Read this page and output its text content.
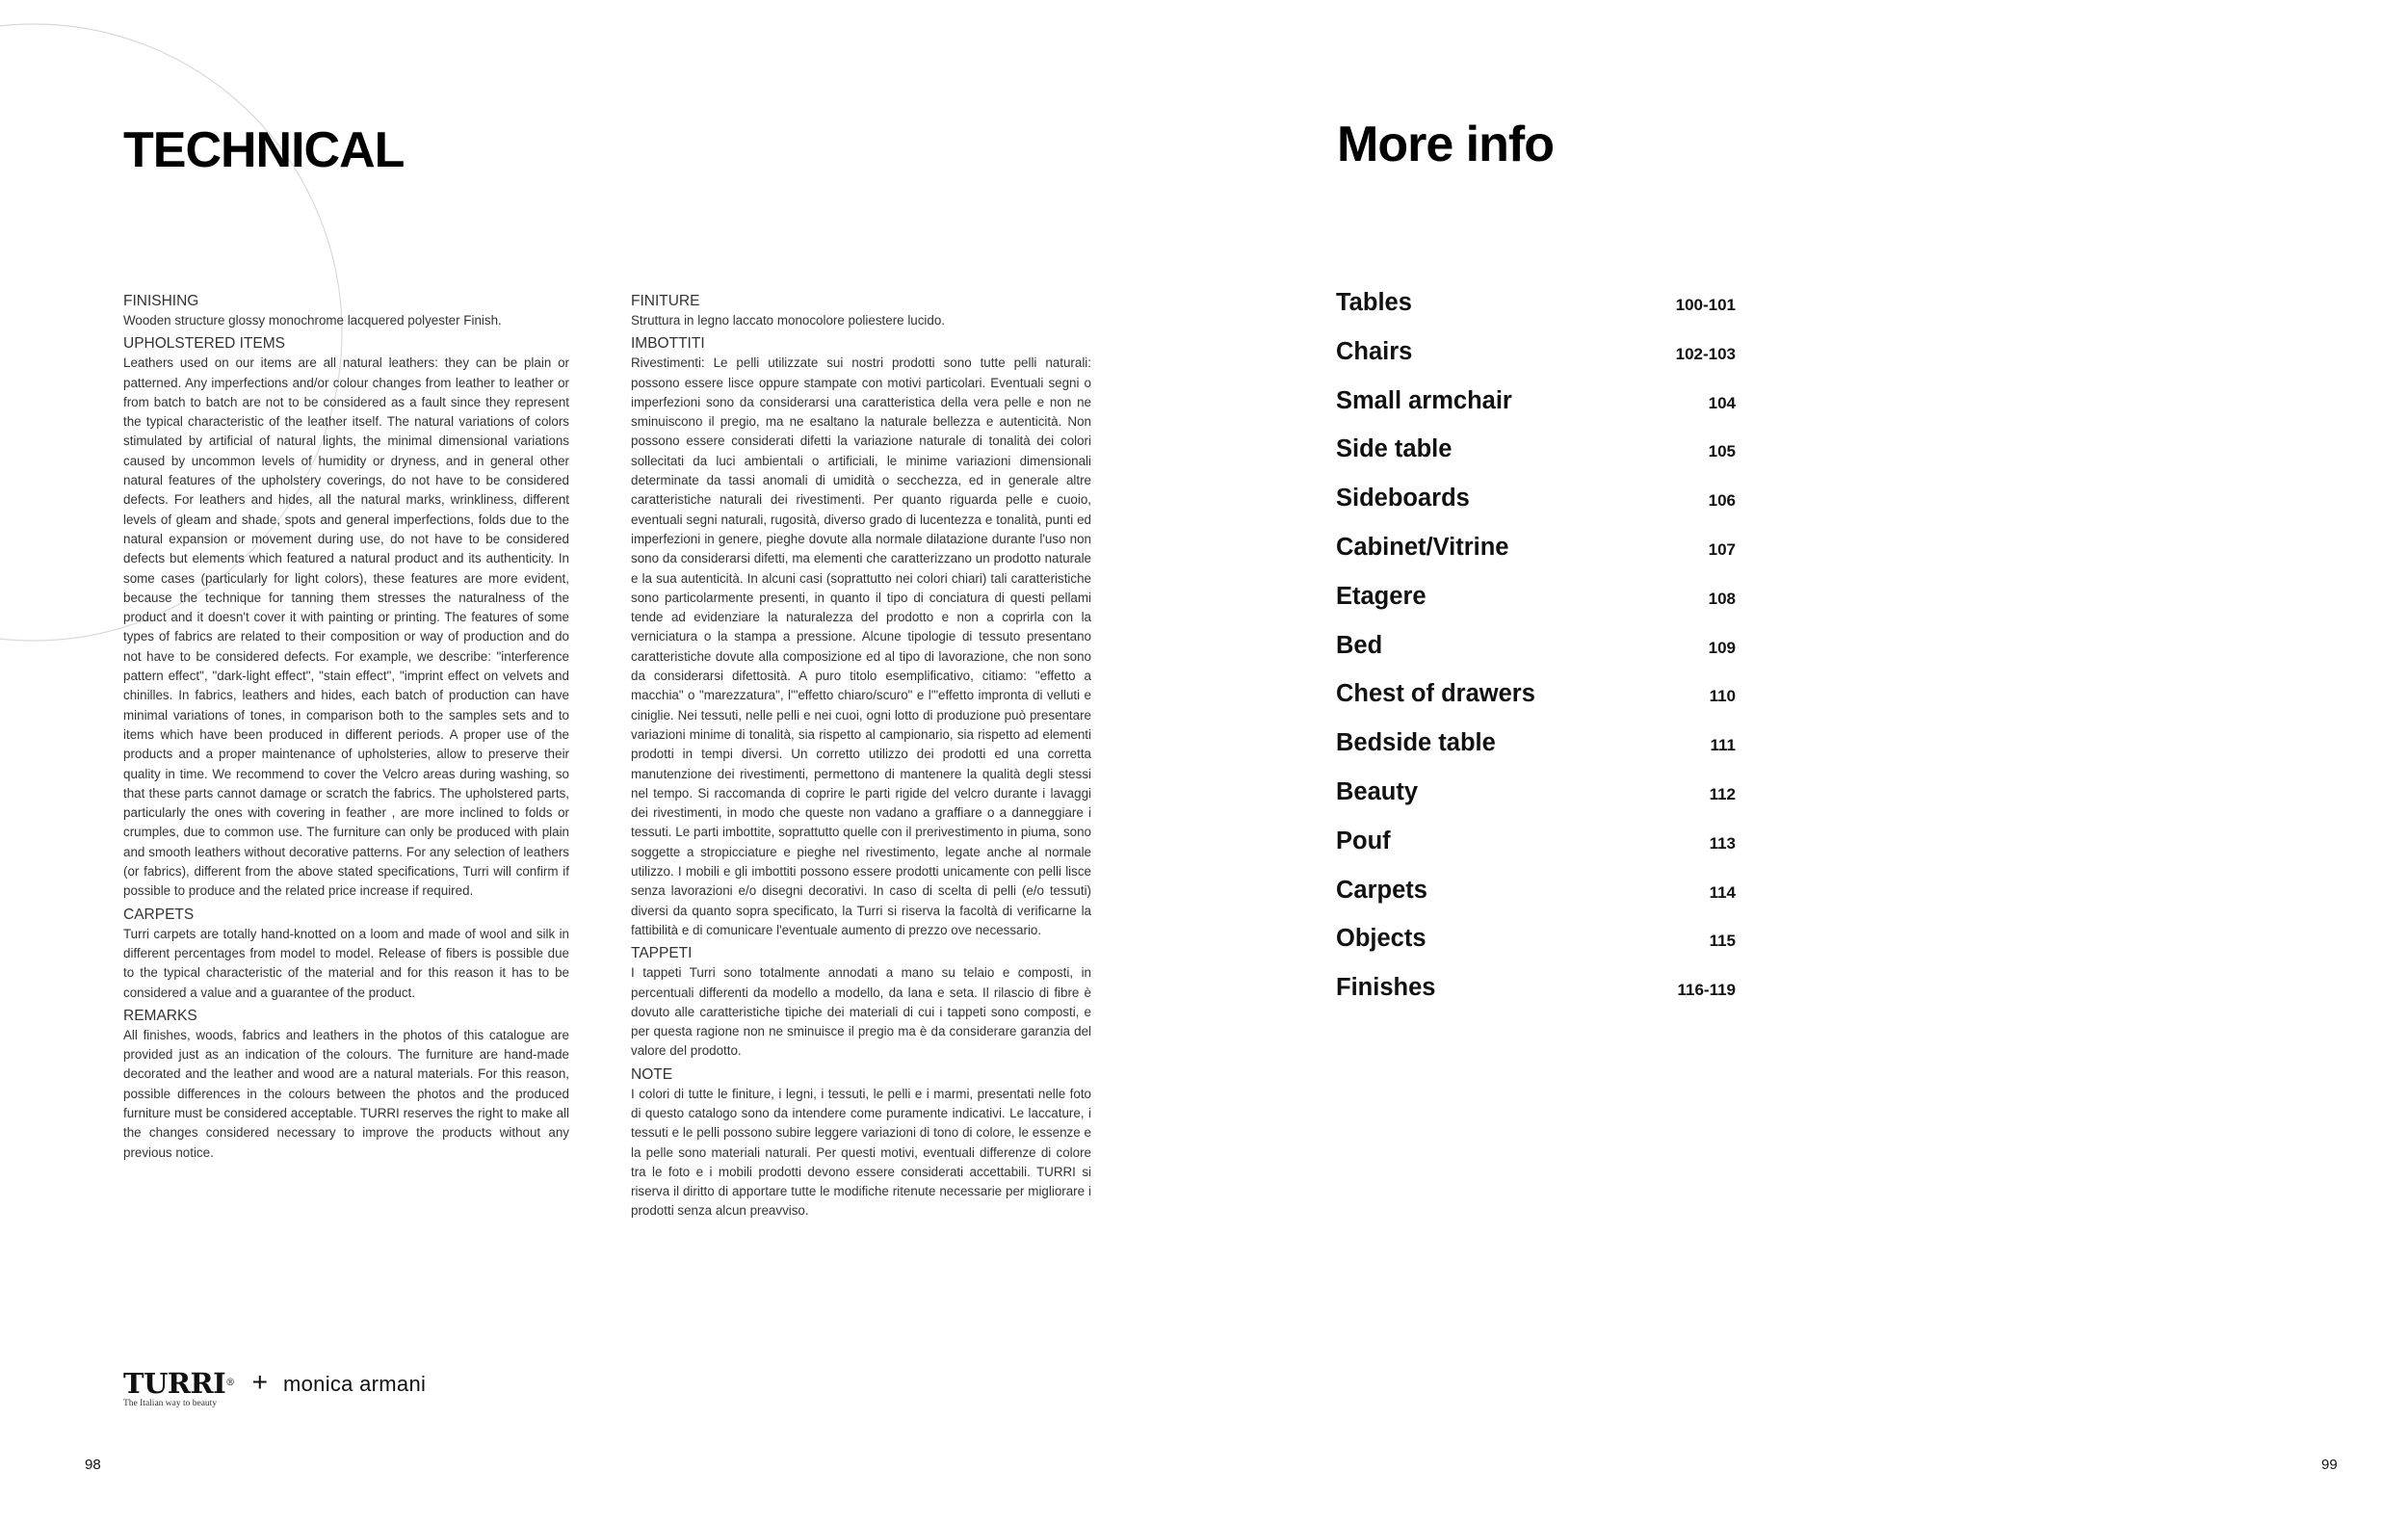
TECHNICAL	More info
FINISHING

Wooden structure glossy monochrome lacquered polyester Finish.

UPHOLSTERED ITEMS

Leathers used on our items are all natural leathers: they can be plain or patterned. Any imperfections and/or colour changes from leather to leather or from batch to batch are not to be considered as a fault since they represent the typical characteristic of the leather itself. The natural variations of colors stimulated by artificial of natural lights, the minimal dimensional variations caused by uncommon levels of humidity or dryness, and in general other natural features of the upholstery coverings, do not have to be considered defects. For leathers and hides, all the natural marks, wrinkliness, different levels of gleam and shade, spots and general imperfections, folds due to the natural expansion or movement during use, do not have to be considered defects but elements which featured a natural product and its authenticity. In some cases (particularly for light colors), these features are more evident, because the technique for tanning them stresses the naturalness of the product and it doesn't cover it with painting or printing. The features of some types of fabrics are related to their composition or way of production and do not have to be considered defects. For example, we describe: "interference pattern effect", "dark-light effect", "stain effect", "imprint effect on velvets and chinilles. In fabrics, leathers and hides, each batch of production can have minimal variations of tones, in comparison both to the samples sets and to items which have been produced in different periods. A proper use of the products and a proper maintenance of upholsteries, allow to preserve their quality in time. We recommend to cover the Velcro areas during washing, so that these parts cannot damage or scratch the fabrics. The upholstered parts, particularly the ones with covering in feather , are more inclined to folds or crumples, due to common use. The furniture can only be produced with plain and smooth leathers without decorative patterns. For any selection of leathers (or fabrics), different from the above stated specifications, Turri will confirm if possible to produce and the related price increase if required.

CARPETS

Turri carpets are totally hand-knotted on a loom and made of wool and silk in different percentages from model to model. Release of fibers is possible due to the typical characteristic of the material and for this reason it has to be considered a value and a guarantee of the product.

REMARKS

All finishes, woods, fabrics and leathers in the photos of this catalogue are provided just as an indication of the colours. The furniture are hand-made decorated and the leather and wood are a natural materials. For this reason, possible differences in the colours between the photos and the produced furniture must be considered acceptable. TURRI reserves the right to make all the changes considered necessary to improve the products without any previous notice.

FINITURE

Struttura in legno laccato monocolore poliestere lucido.

IMBOTTITI

Rivestimenti: Le pelli utilizzate sui nostri prodotti sono tutte pelli naturali: possono essere lisce oppure stampate con motivi particolari. Eventuali segni o imperfezioni sono da considerarsi una caratteristica della vera pelle e non ne sminuiscono il pregio, ma ne esaltano la naturale bellezza e autenticità. Non possono essere considerati difetti la variazione naturale di tonalità dei colori sollecitati da luci ambientali o artificiali, le minime variazioni dimensionali determinate da tassi anomali di umidità o secchezza, ed in generale altre caratteristiche naturali dei rivestimenti. Per quanto riguarda pelle e cuoio, eventuali segni naturali, rugosità, diverso grado di lucentezza e tonalità, punti ed imperfezioni in genere, pieghe dovute alla normale dilatazione durante l'uso non sono da considerarsi difetti, ma elementi che caratterizzano un prodotto naturale e la sua autenticità. In alcuni casi (soprattutto nei colori chiari) tali caratteristiche sono particolarmente presenti, in quanto il tipo di conciatura di questi pellami tende ad evidenziare la naturalezza del prodotto e non a coprirla con la verniciatura o la stampa a pressione. Alcune tipologie di tessuto presentano caratteristiche dovute alla composizione ed al tipo di lavorazione, che non sono da considerarsi difettosità. A puro titolo esemplificativo, citiamo: "effetto a macchia" o "marezzatura", l'"effetto chiaro/scuro" e l'"effetto impronta di velluti e ciniglie. Nei tessuti, nelle pelli e nei cuoi, ogni lotto di produzione può presentare variazioni minime di tonalità, sia rispetto al campionario, sia rispetto ad elementi prodotti in tempi diversi. Un corretto utilizzo dei prodotti ed una corretta manutenzione dei rivestimenti, permettono di mantenere la qualità degli stessi nel tempo. Si raccomanda di coprire le parti rigide del velcro durante i lavaggi dei rivestimenti, in modo che queste non vadano a graffiare o a danneggiare i tessuti. Le parti imbottite, soprattutto quelle con il prerivestimento in piuma, sono soggette a stropicciature e pieghe nel rivestimento, legate anche al normale utilizzo. I mobili e gli imbottiti possono essere prodotti unicamente con pelli lisce senza lavorazioni e/o disegni decorativi. In caso di scelta di pelli (e/o tessuti) diversi da quanto sopra specificato, la Turri si riserva la facoltà di verificarne la fattibilità e di comunicare l'eventuale aumento di prezzo ove necessario.

TAPPETI

I tappeti Turri sono totalmente annodati a mano su telaio e composti, in percentuali differenti da modello a modello, da lana e seta. Il rilascio di fibre è dovuto alle caratteristiche tipiche dei materiali di cui i tappeti sono composti, e per questa ragione non ne sminuisce il pregio ma è da considerare garanzia del valore del prodotto.

NOTE

I colori di tutte le finiture, i legni, i tessuti, le pelli e i marmi, presentati nelle foto di questo catalogo sono da intendere come puramente indicativi. Le laccature, i tessuti e le pelli possono subire leggere variazioni di tono di colore, le essenze e la pelle sono materiali naturali. Per questi motivi, eventuali differenze di colore tra le foto e i mobili prodotti devono essere considerati accettabili. TURRI si riserva il diritto di apportare tutte le modifiche ritenute necessarie per migliorare i prodotti senza alcun preavviso.

Tables	100-101
Chairs	102-103
Small armchair	104
Side table	105
Sideboards	106
Cabinet/Vitrine	107
Etagere	108
Bed	109
Chest of drawers	110
Bedside table	111
Beauty	112
Pouf	113
Carpets	114
Objects	115
Finishes	116-119
TURRI®
The Italian way to beauty
+ monica armani
98	99
